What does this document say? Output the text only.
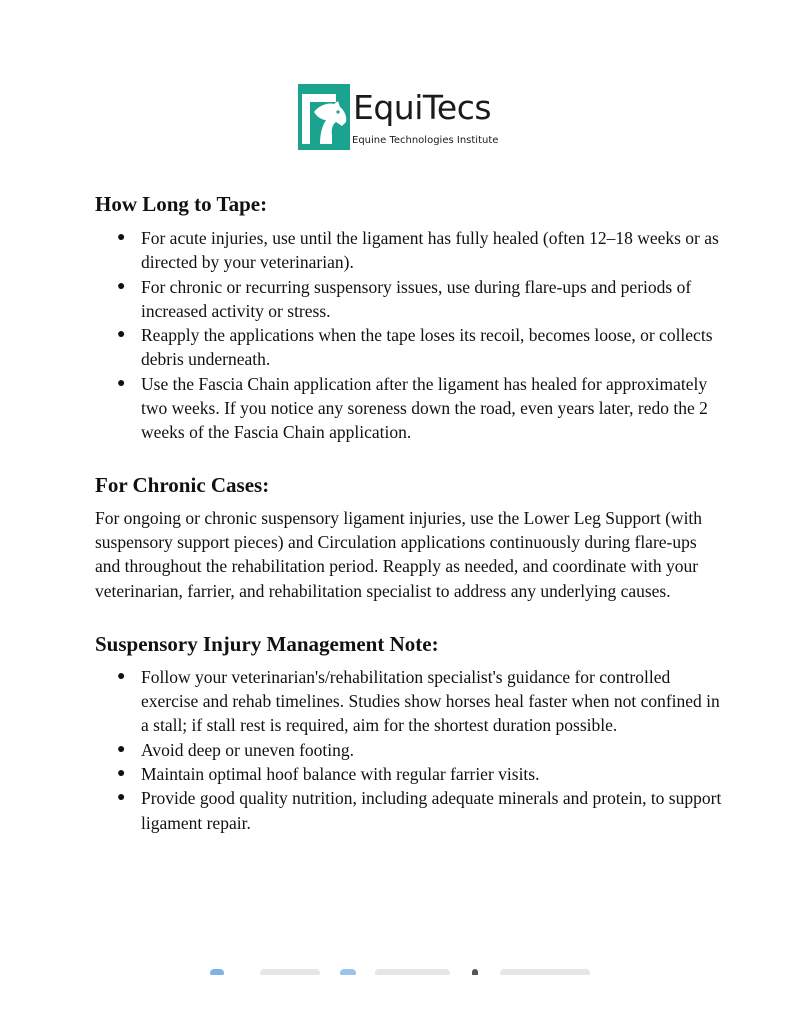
EquiTecs
Equine Technologies Institute
How Long to Tape:
● For acute injuries, use until the ligament has fully healed (often 12–18 weeks or as directed by your veterinarian).
● For chronic or recurring suspensory issues, use during flare-ups and periods of increased activity or stress.
● Reapply the applications when the tape loses its recoil, becomes loose, or collects debris underneath.
● Use the Fascia Chain application after the ligament has healed for approximately two weeks. If you notice any soreness down the road, even years later, redo the 2 weeks of the Fascia Chain application.
For Chronic Cases:

For ongoing or chronic suspensory ligament injuries, use the Lower Leg Support (with suspensory support pieces) and Circulation applications continuously during flare-ups and throughout the rehabilitation period. Reapply as needed, and coordinate with your veterinarian, farrier, and rehabilitation specialist to address any underlying causes.

Suspensory Injury Management Note:
● Follow your veterinarian's/rehabilitation specialist's guidance for controlled exercise and rehab timelines. Studies show horses heal faster when not confined in a stall; if stall rest is required, aim for the shortest duration possible.
● Avoid deep or uneven footing.
● Maintain optimal hoof balance with regular farrier visits.
● Provide good quality nutrition, including adequate minerals and protein, to support ligament repair.
